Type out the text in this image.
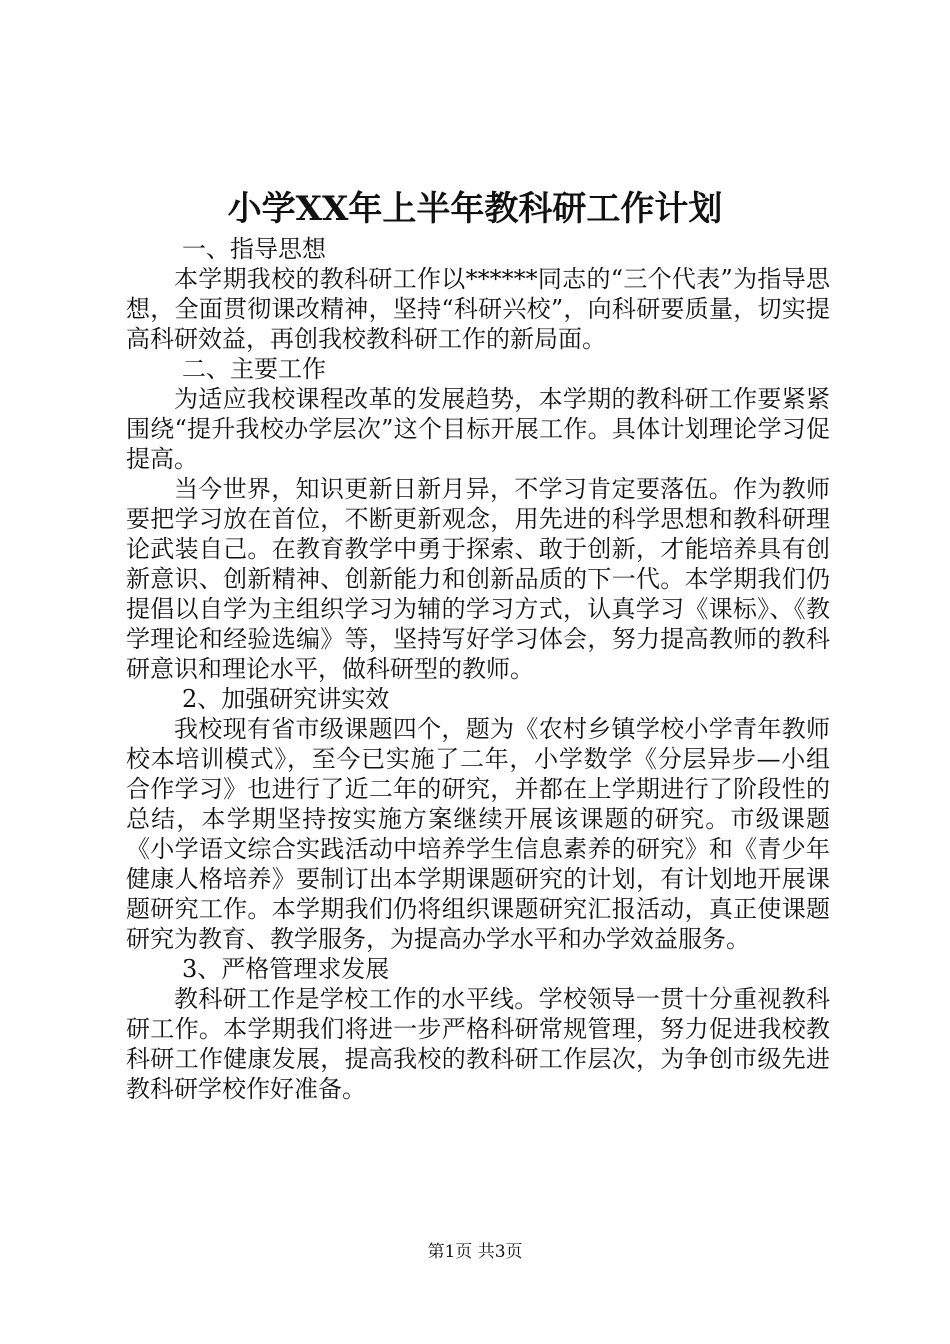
小学XX年上半年教科研工作计划

一、指导思想

本学期我校的教科研工作以******同志的“三个代表”为指导思想，全面贯彻课改精神，坚持“科研兴校”，向科研要质量，切实提高科研效益，再创我校教科研工作的新局面。

二、主要工作

为适应我校课程改革的发展趋势，本学期的教科研工作要紧紧围绕“提升我校办学层次”这个目标开展工作。具体计划理论学习促提高。

当今世界，知识更新日新月异，不学习肯定要落伍。作为教师要把学习放在首位，不断更新观念，用先进的科学思想和教科研理论武装自己。在教育教学中勇于探索、敢于创新，才能培养具有创新意识、创新精神、创新能力和创新品质的下一代。本学期我们仍提倡以自学为主组织学习为辅的学习方式，认真学习《课标》、《教学理论和经验选编》等，坚持写好学习体会，努力提高教师的教科研意识和理论水平，做科研型的教师。

2、加强研究讲实效

我校现有省市级课题四个，题为《农村乡镇学校小学青年教师校本培训模式》，至今已实施了二年，小学数学《分层异步—小组合作学习》也进行了近二年的研究，并都在上学期进行了阶段性的总结，本学期坚持按实施方案继续开展该课题的研究。市级课题《小学语文综合实践活动中培养学生信息素养的研究》和《青少年健康人格培养》要制订出本学期课题研究的计划，有计划地开展课题研究工作。本学期我们仍将组织课题研究汇报活动，真正使课题研究为教育、教学服务，为提高办学水平和办学效益服务。

3、严格管理求发展

教科研工作是学校工作的水平线。学校领导一贯十分重视教科研工作。本学期我们将进一步严格科研常规管理，努力促进我校教科研工作健康发展，提高我校的教科研工作层次，为争创市级先进教科研学校作好准备。

第1页 共3页
